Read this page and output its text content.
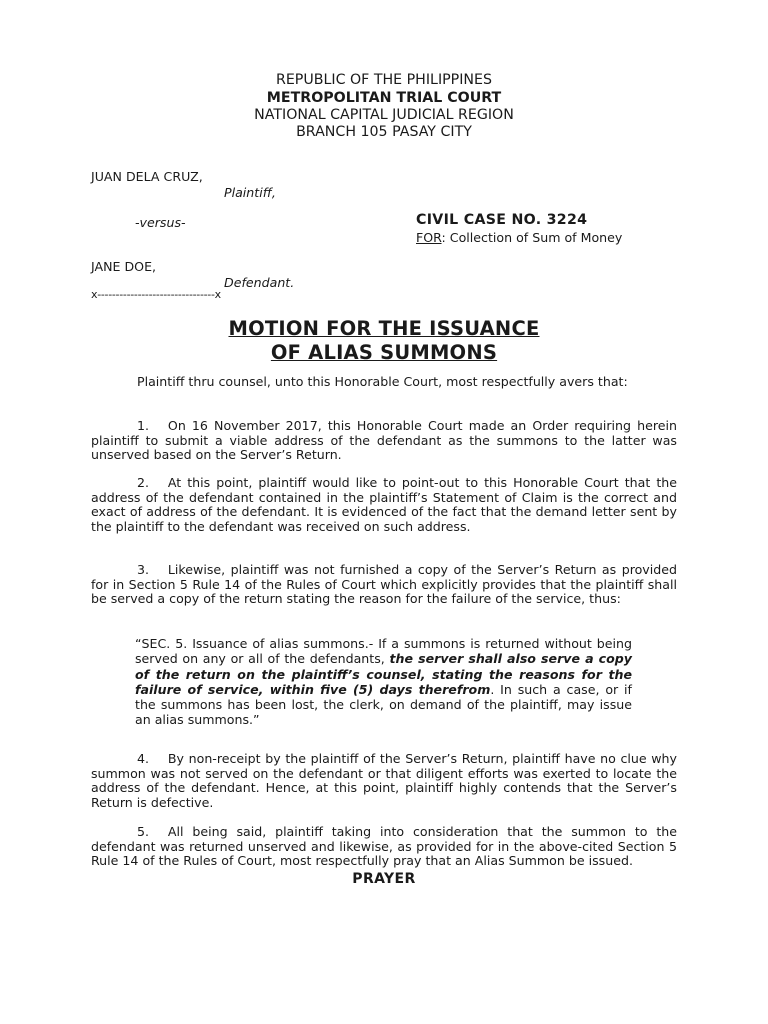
REPUBLIC OF THE PHILIPPINES

METROPOLITAN TRIAL COURT

NATIONAL CAPITAL JUDICIAL REGION

BRANCH 105 PASAY CITY

JUAN DELA CRUZ,

Plaintiff,

-versus-	CIVIL CASE NO. 3224

FOR: Collection of Sum of Money

JANE DOE,

Defendant.

x--------------------------------x

MOTION FOR THE ISSUANCE

OF ALIAS SUMMONS

Plaintiff thru counsel, unto this Honorable Court, most respectfully avers that:

1.  On 16 November 2017, this Honorable Court made an Order requiring herein plaintiff to submit a viable address of the defendant as the summons to the latter was unserved based on the Server’s Return.

2.  At this point, plaintiff would like to point-out to this Honorable Court that the address of the defendant contained in the plaintiff’s Statement of Claim is the correct and exact of address of the defendant. It is evidenced of the fact that the demand letter sent by the plaintiff to the defendant was received on such address.

3.  Likewise, plaintiff was not furnished a copy of the Server’s Return as provided for in Section 5 Rule 14 of the Rules of Court which explicitly provides that the plaintiff shall be served a copy of the return stating the reason for the failure of the service, thus:

“SEC. 5. Issuance of alias summons.- If a summons is returned without being served on any or all of the defendants, the server shall also serve a copy of the return on the plaintiff’s counsel, stating the reasons for the failure of service, within five (5) days therefrom. In such a case, or if the summons has been lost, the clerk, on demand of the plaintiff, may issue an alias summons.”

4.  By non-receipt by the plaintiff of the Server’s Return, plaintiff have no clue why summon was not served on the defendant or that diligent efforts was exerted to locate the address of the defendant. Hence, at this point, plaintiff highly contends that the Server’s Return is defective.

5.  All being said, plaintiff taking into consideration that the summon to the defendant was returned unserved and likewise, as provided for in the above-cited Section 5 Rule 14 of the Rules of Court, most respectfully pray that an Alias Summon be issued.

PRAYER
